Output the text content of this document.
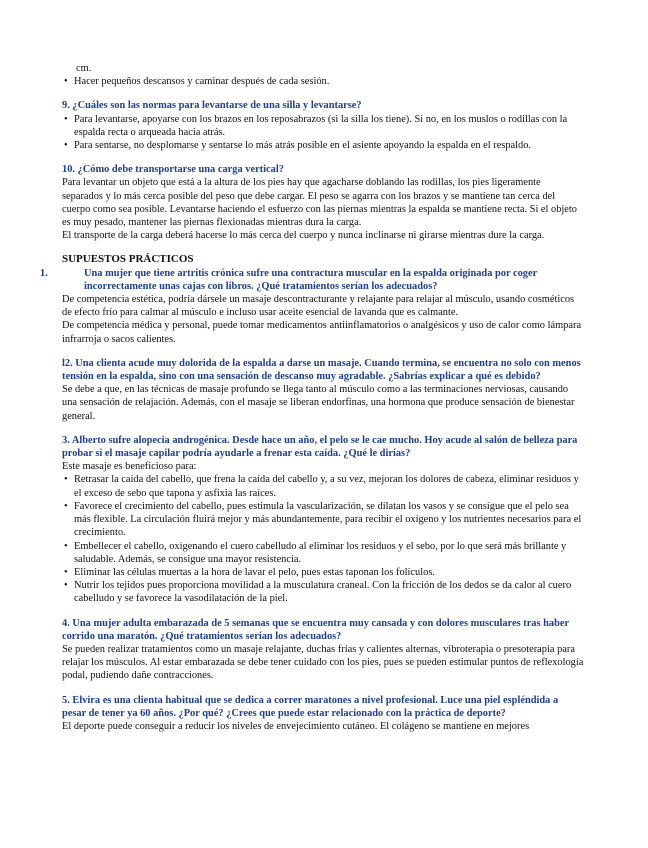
cm.

• Hacer pequeños descansos y caminar después de cada sesión.

9. ¿Cuáles son las normas para levantarse de una silla y levantarse?

• Para levantarse, apoyarse con los brazos en los reposabrazos (si la silla los tiene). Si no, en los muslos o rodillas con la espalda recta o arqueada hacia atrás.
• Para sentarse, no desplomarse y sentarse lo más atrás posible en el asiente apoyando la espalda en el respaldo.

10. ¿Cómo debe transportarse una carga vertical?

Para levantar un objeto que está a la altura de los pies hay que agacharse doblando las rodillas, los pies ligeramente separados y lo más cerca posible del peso que debe cargar. El peso se agarra con los brazos y se mantiene tan cerca del cuerpo como sea posible. Levantarse haciendo el esfuerzo con las piernas mientras la espalda se mantiene recta. Si el objeto es muy pesado, mantener las piernas flexionadas mientras dura la carga.

El transporte de la carga deberá hacerse lo más cerca del cuerpo y nunca inclinarse ni girarse mientras dure la carga.

SUPUESTOS PRÁCTICOS

1.	Una mujer que tiene artritis crónica sufre una contractura muscular en la espalda originada por coger incorrectamente unas cajas con libros. ¿Qué tratamientos serían los adecuados?

De competencia estética, podría dársele un masaje descontracturante y relajante para relajar al músculo, usando cosméticos de efecto frío para calmar al músculo e incluso usar aceite esencial de lavanda que es calmante.

De competencia médica y personal, puede tomar medicamentos antiinflamatorios o analgésicos y uso de calor como lámpara infrarroja o sacos calientes.

l2. Una clienta acude muy dolorida de la espalda a darse un masaje. Cuando termina, se encuentra no solo con menos tensión en la espalda, sino con una sensación de descanso muy agradable. ¿Sabrías explicar a qué es debido?

Se debe a que, en las técnicas de masaje profundo se llega tanto al músculo como a las terminaciones nerviosas, causando una sensación de relajación. Además, con el masaje se liberan endorfinas, una hormona que produce sensación de bienestar general.

3. Alberto sufre alopecia androgénica. Desde hace un año, el pelo se le cae mucho. Hoy acude al salón de belleza para probar si el masaje capilar podría ayudarle a frenar esta caída. ¿Qué le dirías?

Este masaje es beneficioso para:

• Retrasar la caída del cabello, que frena la caída del cabello y, a su vez, mejoran los dolores de cabeza, eliminar residuos y el exceso de sebo que tapona y asfixia las raíces.
• Favorece el crecimiento del cabello, pues estimula la vascularización, se dilatan los vasos y se consigue que el pelo sea más flexible. La circulación fluirá mejor y más abundantemente, para recibir el oxígeno y los nutrientes necesarios para el crecimiento.
• Embellecer el cabello, oxigenando el cuero cabelludo al eliminar los residuos y el sebo, por lo que será más brillante y saludable. Además, se consigue una mayor resistencia.
• Eliminar las células muertas a la hora de lavar el pelo, pues estas taponan los folículos.
• Nutrir los tejidos pues proporciona movilidad a la musculatura craneal. Con la fricción de los dedos se da calor al cuero cabelludo y se favorece la vasodilatación de la piel.

4. Una mujer adulta embarazada de 5 semanas que se encuentra muy cansada y con dolores musculares tras haber corrido una maratón. ¿Qué tratamientos serían los adecuados?

Se pueden realizar tratamientos como un masaje relajante, duchas frías y calientes alternas, vibroterapia o presoterapia para relajar los músculos. Al estar embarazada se debe tener cuidado con los pies, pues se pueden estimular puntos de reflexología podal, pudiendo dañe contracciones.

5. Elvira es una clienta habitual que se dedica a correr maratones a nivel profesional. Luce una piel espléndida a pesar de tener ya 60 años. ¿Por qué? ¿Crees que puede estar relacionado con la práctica de deporte?

El deporte puede conseguir a reducir los niveles de envejecimiento cutáneo. El colágeno se mantiene en mejores
